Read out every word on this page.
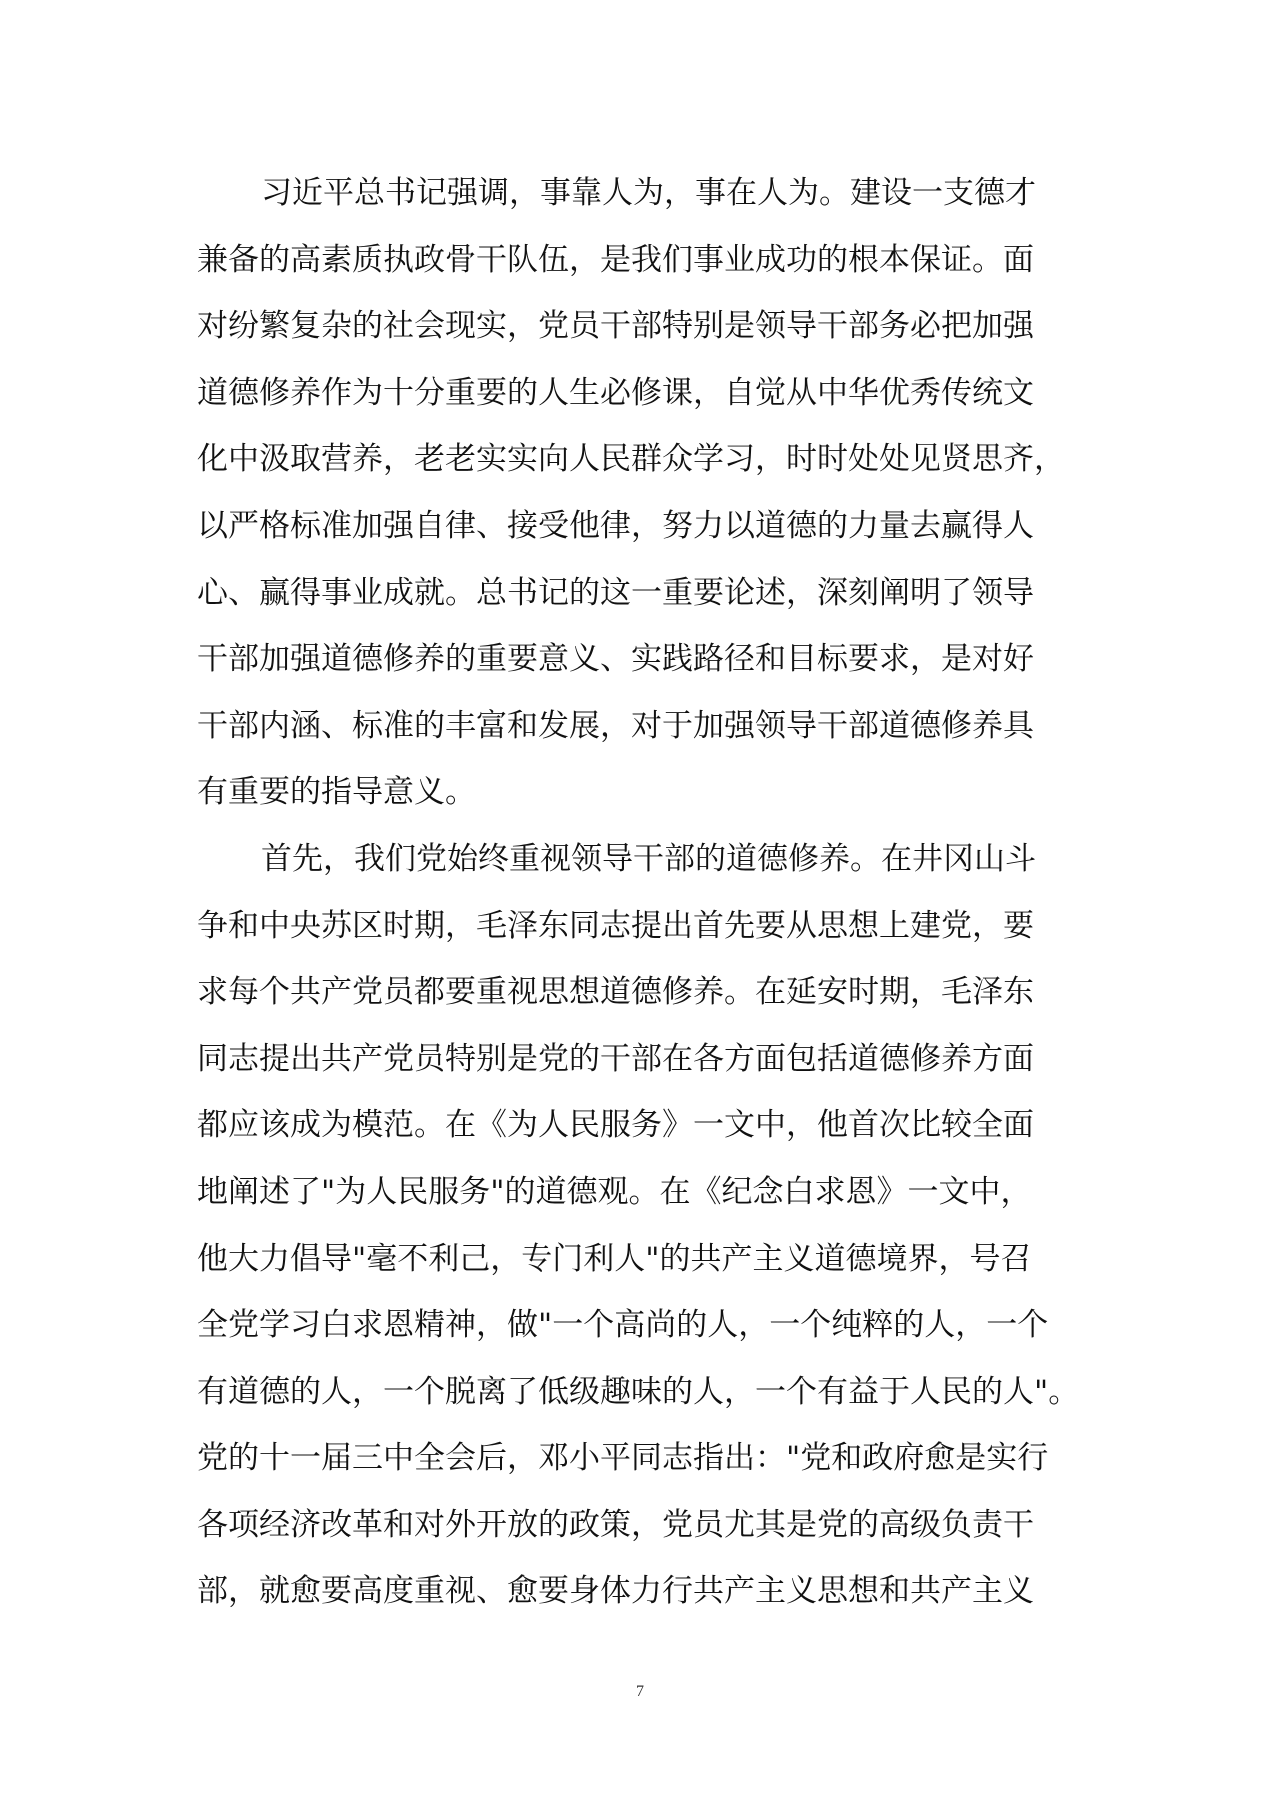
习近平总书记强调，事靠人为，事在人为。建设一支德才
兼备的高素质执政骨干队伍，是我们事业成功的根本保证。面
对纷繁复杂的社会现实，党员干部特别是领导干部务必把加强
道德修养作为十分重要的人生必修课，自觉从中华优秀传统文
化中汲取营养，老老实实向人民群众学习，时时处处见贤思齐，
以严格标准加强自律、接受他律，努力以道德的力量去赢得人
心、赢得事业成就。总书记的这一重要论述，深刻阐明了领导
干部加强道德修养的重要意义、实践路径和目标要求，是对好
干部内涵、标准的丰富和发展，对于加强领导干部道德修养具
有重要的指导意义。
首先，我们党始终重视领导干部的道德修养。在井冈山斗
争和中央苏区时期，毛泽东同志提出首先要从思想上建党，要
求每个共产党员都要重视思想道德修养。在延安时期，毛泽东
同志提出共产党员特别是党的干部在各方面包括道德修养方面
都应该成为模范。在《为人民服务》一文中，他首次比较全面
地阐述了"为人民服务"的道德观。在《纪念白求恩》一文中，
他大力倡导"毫不利己，专门利人"的共产主义道德境界，号召
全党学习白求恩精神，做"一个高尚的人，一个纯粹的人，一个
有道德的人，一个脱离了低级趣味的人，一个有益于人民的人"。
党的十一届三中全会后，邓小平同志指出："党和政府愈是实行
各项经济改革和对外开放的政策，党员尤其是党的高级负责干
部，就愈要高度重视、愈要身体力行共产主义思想和共产主义
7
